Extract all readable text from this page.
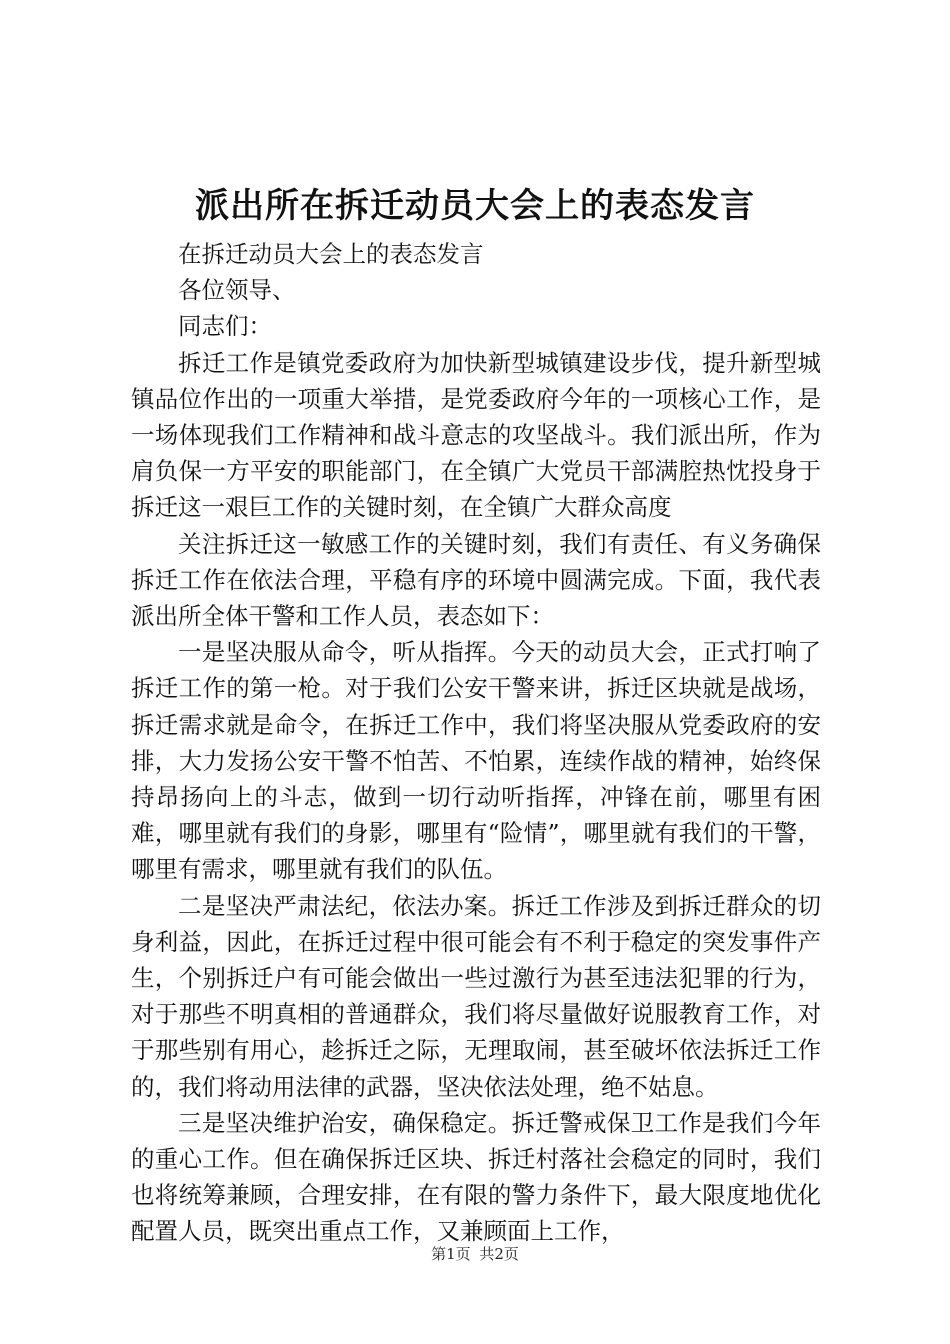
派出所在拆迁动员大会上的表态发言

在拆迁动员大会上的表态发言

各位领导、

同志们：

拆迁工作是镇党委政府为加快新型城镇建设步伐，提升新型城镇品位作出的一项重大举措，是党委政府今年的一项核心工作，是一场体现我们工作精神和战斗意志的攻坚战斗。我们派出所，作为肩负保一方平安的职能部门，在全镇广大党员干部满腔热忱投身于拆迁这一艰巨工作的关键时刻，在全镇广大群众高度

关注拆迁这一敏感工作的关键时刻，我们有责任、有义务确保拆迁工作在依法合理，平稳有序的环境中圆满完成。下面，我代表派出所全体干警和工作人员，表态如下：

一是坚决服从命令，听从指挥。今天的动员大会，正式打响了拆迁工作的第一枪。对于我们公安干警来讲，拆迁区块就是战场，拆迁需求就是命令，在拆迁工作中，我们将坚决服从党委政府的安排，大力发扬公安干警不怕苦、不怕累，连续作战的精神，始终保持昂扬向上的斗志，做到一切行动听指挥，冲锋在前，哪里有困难，哪里就有我们的身影，哪里有“险情”，哪里就有我们的干警，哪里有需求，哪里就有我们的队伍。

二是坚决严肃法纪，依法办案。拆迁工作涉及到拆迁群众的切身利益，因此，在拆迁过程中很可能会有不利于稳定的突发事件产生，个别拆迁户有可能会做出一些过激行为甚至违法犯罪的行为，对于那些不明真相的普通群众，我们将尽量做好说服教育工作，对于那些别有用心，趁拆迁之际，无理取闹，甚至破坏依法拆迁工作的，我们将动用法律的武器，坚决依法处理，绝不姑息。

三是坚决维护治安，确保稳定。拆迁警戒保卫工作是我们今年的重心工作。但在确保拆迁区块、拆迁村落社会稳定的同时，我们也将统筹兼顾，合理安排，在有限的警力条件下，最大限度地优化配置人员，既突出重点工作，又兼顾面上工作，

第1页 共2页
